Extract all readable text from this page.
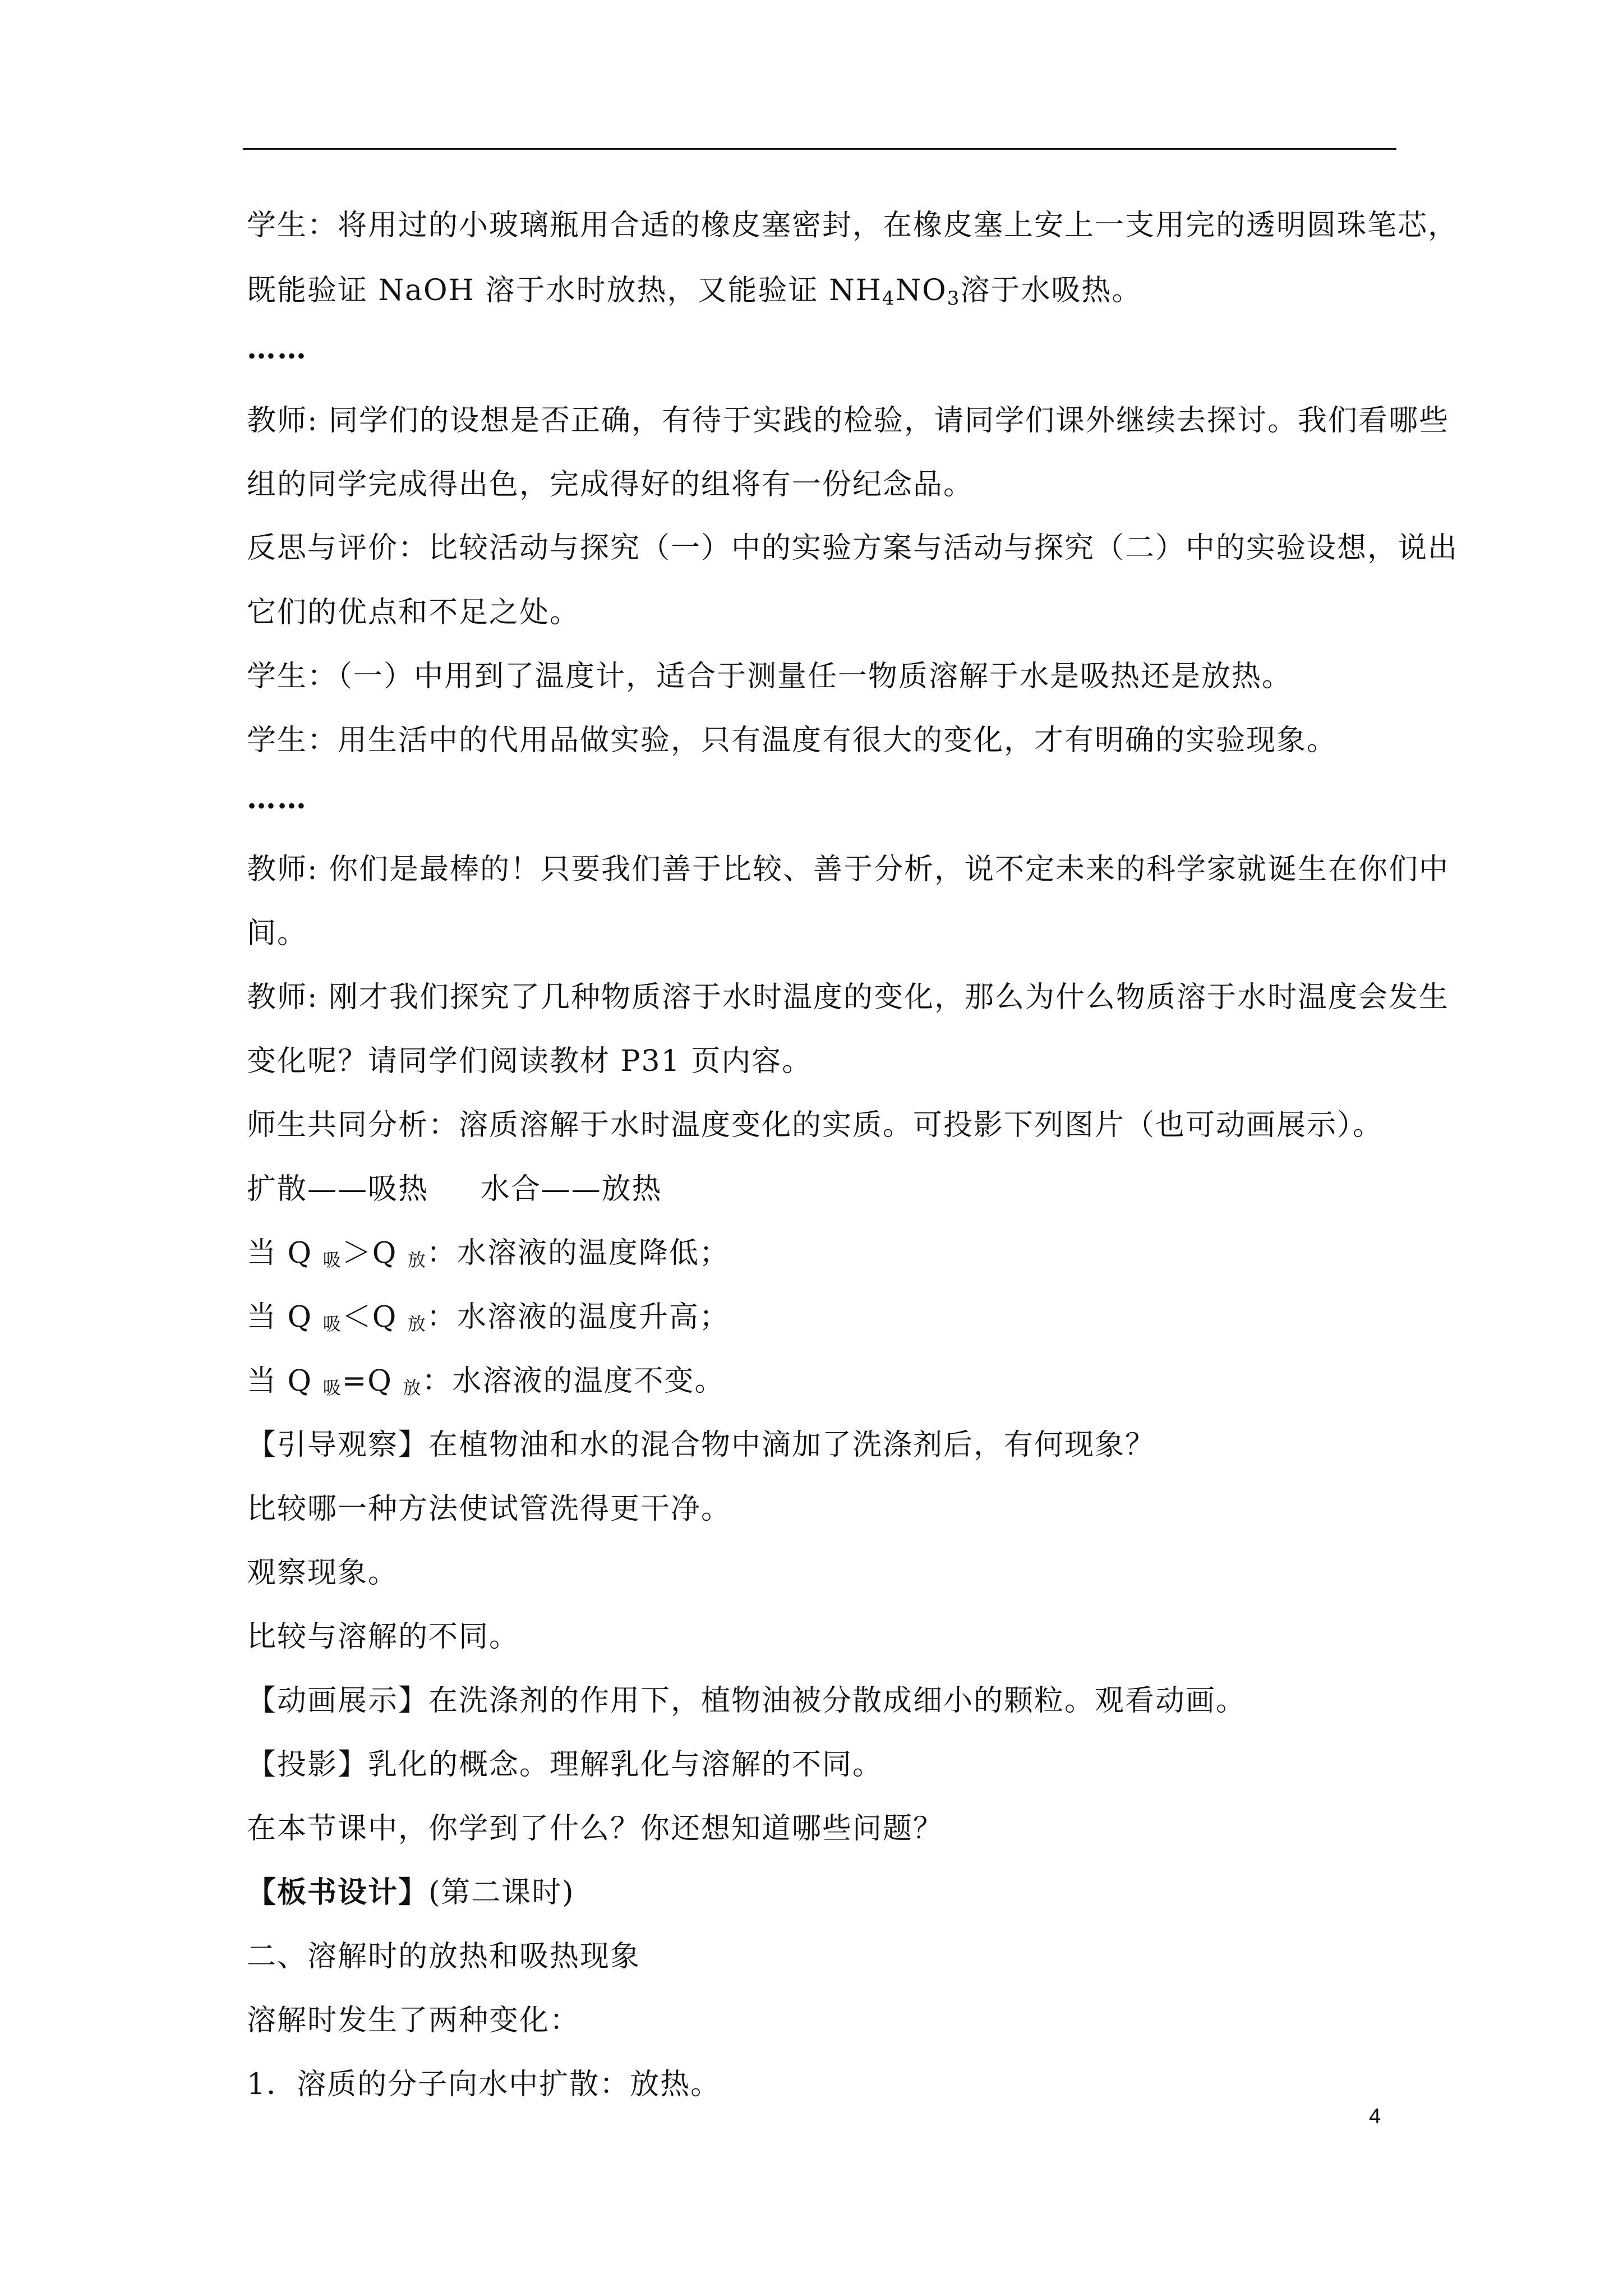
学生：将用过的小玻璃瓶用合适的橡皮塞密封，在橡皮塞上安上一支用完的透明圆珠笔芯，
既能验证 NaOH 溶于水时放热，又能验证 $NH_4NO_3$溶于水吸热。
……
教师: 同学们的设想是否正确，有待于实践的检验，请同学们课外继续去探讨。我们看哪些
组的同学完成得出色，完成得好的组将有一份纪念品。
反思与评价：比较活动与探究（一）中的实验方案与活动与探究（二）中的实验设想，说出
它们的优点和不足之处。
学生：（一）中用到了温度计，适合于测量任一物质溶解于水是吸热还是放热。
学生：用生活中的代用品做实验，只有温度有很大的变化，才有明确的实验现象。
……
教师: 你们是最棒的！只要我们善于比较、善于分析，说不定未来的科学家就诞生在你们中
间。
教师: 刚才我们探究了几种物质溶于水时温度的变化，那么为什么物质溶于水时温度会发生
变化呢？请同学们阅读教材 P31 页内容。
师生共同分析：溶质溶解于水时温度变化的实质。可投影下列图片（也可动画展示）。
扩散——吸热     水合——放热
当 Q $_吸$＞Q $_放$：水溶液的温度降低；
当 Q $_吸$＜Q $_放$：水溶液的温度升高；
当 Q $_吸$=Q $_放$：水溶液的温度不变。
【引导观察】在植物油和水的混合物中滴加了洗涤剂后，有何现象？
比较哪一种方法使试管洗得更干净。
观察现象。
比较与溶解的不同。
【动画展示】在洗涤剂的作用下，植物油被分散成细小的颗粒。观看动画。
【投影】乳化的概念。理解乳化与溶解的不同。
在本节课中，你学到了什么？你还想知道哪些问题？
【板书设计】(第二课时)
二、溶解时的放热和吸热现象
溶解时发生了两种变化：
1．溶质的分子向水中扩散：放热。
4
